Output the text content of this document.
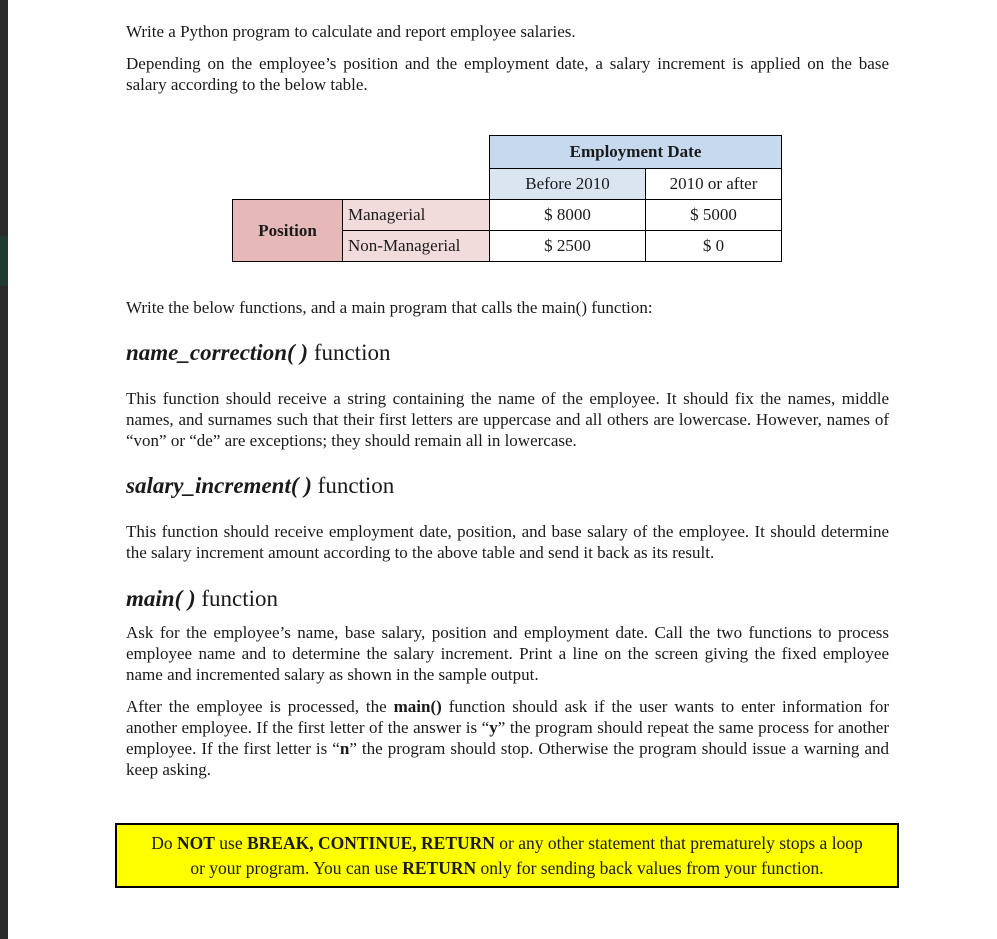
Write a Python program to calculate and report employee salaries.
Depending on the employee’s position and the employment date, a salary increment is applied on the base salary according to the below table.
Write the below functions, and a main program that calls the main() function:
name_correction( ) function
This function should receive a string containing the name of the employee. It should fix the names, middle names, and surnames such that their first letters are uppercase and all others are lowercase. However, names of “von” or “de” are exceptions; they should remain all in lowercase.
salary_increment( ) function
This function should receive employment date, position, and base salary of the employee. It should determine the salary increment amount according to the above table and send it back as its result.
main( ) function
Ask for the employee’s name, base salary, position and employment date. Call the two functions to process employee name and to determine the salary increment. Print a line on the screen giving the fixed employee name and incremented salary as shown in the sample output.
After the employee is processed, the main() function should ask if the user wants to enter information for another employee. If the first letter of the answer is “y” the program should repeat the same process for another employee. If the first letter is “n” the program should stop. Otherwise the program should issue a warning and keep asking.
		Employment Date	
		Before 2010	2010 or after
Position	Managerial	$ 8000	$ 5000
	Non-Managerial	$ 2500	$ 0
Do NOT use BREAK, CONTINUE, RETURN or any other statement that prematurely stops a loop
or your program. You can use RETURN only for sending back values from your function.
